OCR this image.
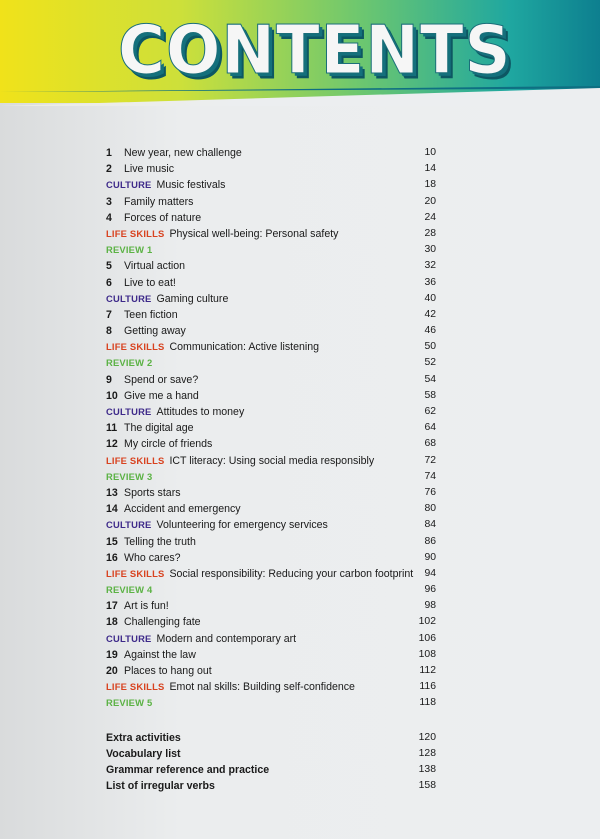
CONTENTS
1 New year, new challenge	10
2 Live music	14
CULTURE Music festivals	18
3 Family matters	20
4 Forces of nature	24
LIFE SKILLS Physical well-being: Personal safety	28
REVIEW 1	30
5 Virtual action	32
6 Live to eat!	36
CULTURE Gaming culture	40
7 Teen fiction	42
8 Getting away	46
LIFE SKILLS Communication: Active listening	50
REVIEW 2	52
9 Spend or save?	54
10 Give me a hand	58
CULTURE Attitudes to money	62
11 The digital age	64
12 My circle of friends	68
LIFE SKILLS ICT literacy: Using social media responsibly	72
REVIEW 3	74
13 Sports stars	76
14 Accident and emergency	80
CULTURE Volunteering for emergency services	84
15 Telling the truth	86
16 Who cares?	90
LIFE SKILLS Social responsibility: Reducing your carbon footprint 94
REVIEW 4	96
17 Art is fun!	98
18 Challenging fate	102
CULTURE Modern and contemporary art	106
19 Against the law	108
20 Places to hang out	112
LIFE SKILLS Emot nal skills: Building self-confidence	116
REVIEW 5	118
Extra activities	120
Vocabulary list	128
Grammar reference and practice	138
List of irregular verbs	158
